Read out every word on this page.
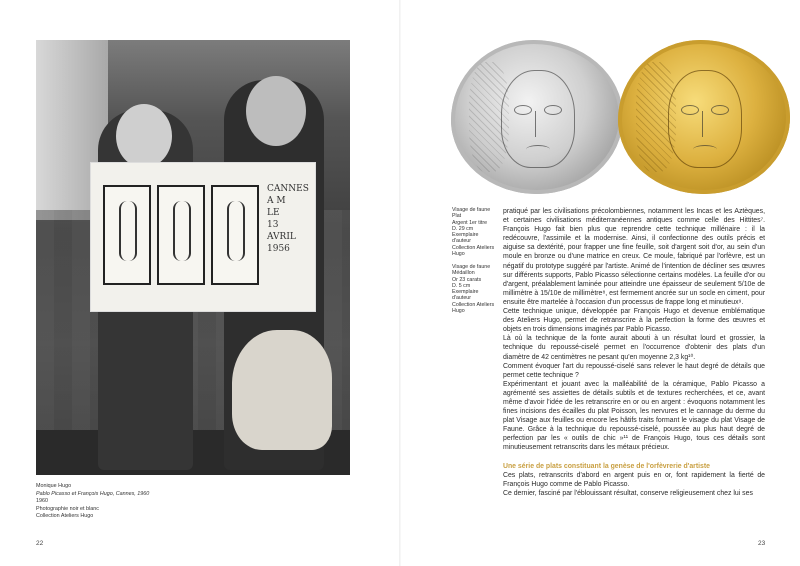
CANNES
A M
LE
13
AVRIL
1956
Monique Hugo
Pablo Picasso et François Hugo, Cannes, 1960
1960
Photographie noir et blanc
Collection Ateliers Hugo
22
Visage de faune
Plat
Argent 1er titre
D. 29 cm
Exemplaire
d'auteur
Collection Ateliers
Hugo
Visage de faune
Médaillon
Or 23 carats
D. 5 cm
Exemplaire
d'auteur
Collection Ateliers
Hugo

pratiqué par les civilisations précolombiennes, notamment les Incas et les Aztèques, et certaines civilisations méditerranéennes antiques comme celle des Hittites⁷. François Hugo fait bien plus que reprendre cette technique millénaire : il la redécouvre, l'assimile et la modernise. Ainsi, il confectionne des outils précis et aiguise sa dextérité, pour frapper une fine feuille, soit d'argent soit d'or, au sein d'un moule en bronze ou d'une matrice en creux. Ce moule, fabriqué par l'orfèvre, est un négatif du prototype suggéré par l'artiste. Animé de l'intention de décliner ses œuvres sur différents supports, Pablo Picasso sélectionne certains modèles. La feuille d'or ou d'argent, préalablement laminée pour atteindre une épaisseur de seulement 5/10e de millimètre à 15/10e de millimètre⁸, est fermement ancrée sur un socle en ciment, pour ensuite être martelée à l'occasion d'un processus de frappe long et minutieux⁹.

Cette technique unique, développée par François Hugo et devenue emblématique des Ateliers Hugo, permet de retranscrire à la perfection la forme des œuvres et objets en trois dimensions imaginés par Pablo Picasso.

Là où la technique de la fonte aurait abouti à un résultat lourd et grossier, la technique du repoussé-ciselé permet en l'occurrence d'obtenir des plats d'un diamètre de 42 centimètres ne pesant qu'en moyenne 2,3 kg¹⁰.

Comment évoquer l'art du repoussé-ciselé sans relever le haut degré de détails que permet cette technique ?

Expérimentant et jouant avec la malléabilité de la céramique, Pablo Picasso a agrémenté ses assiettes de détails subtils et de textures recherchées, et ce, avant même d'avoir l'idée de les retranscrire en or ou en argent : évoquons notamment les fines incisions des écailles du plat Poisson, les nervures et le cannage du derme du plat Visage aux feuilles ou encore les hâtifs traits formant le visage du plat Visage de Faune. Grâce à la technique du repoussé-ciselé, poussée au plus haut degré de perfection par les « outils de chic »¹¹ de François Hugo, tous ces détails sont minutieusement retranscrits dans les métaux précieux.

Une série de plats constituant la genèse de l'orfèvrerie d'artiste

Ces plats, retranscrits d'abord en argent puis en or, font rapidement la fierté de François Hugo comme de Pablo Picasso.

Ce dernier, fasciné par l'éblouissant résultat, conserve religieusement chez lui ses

23
